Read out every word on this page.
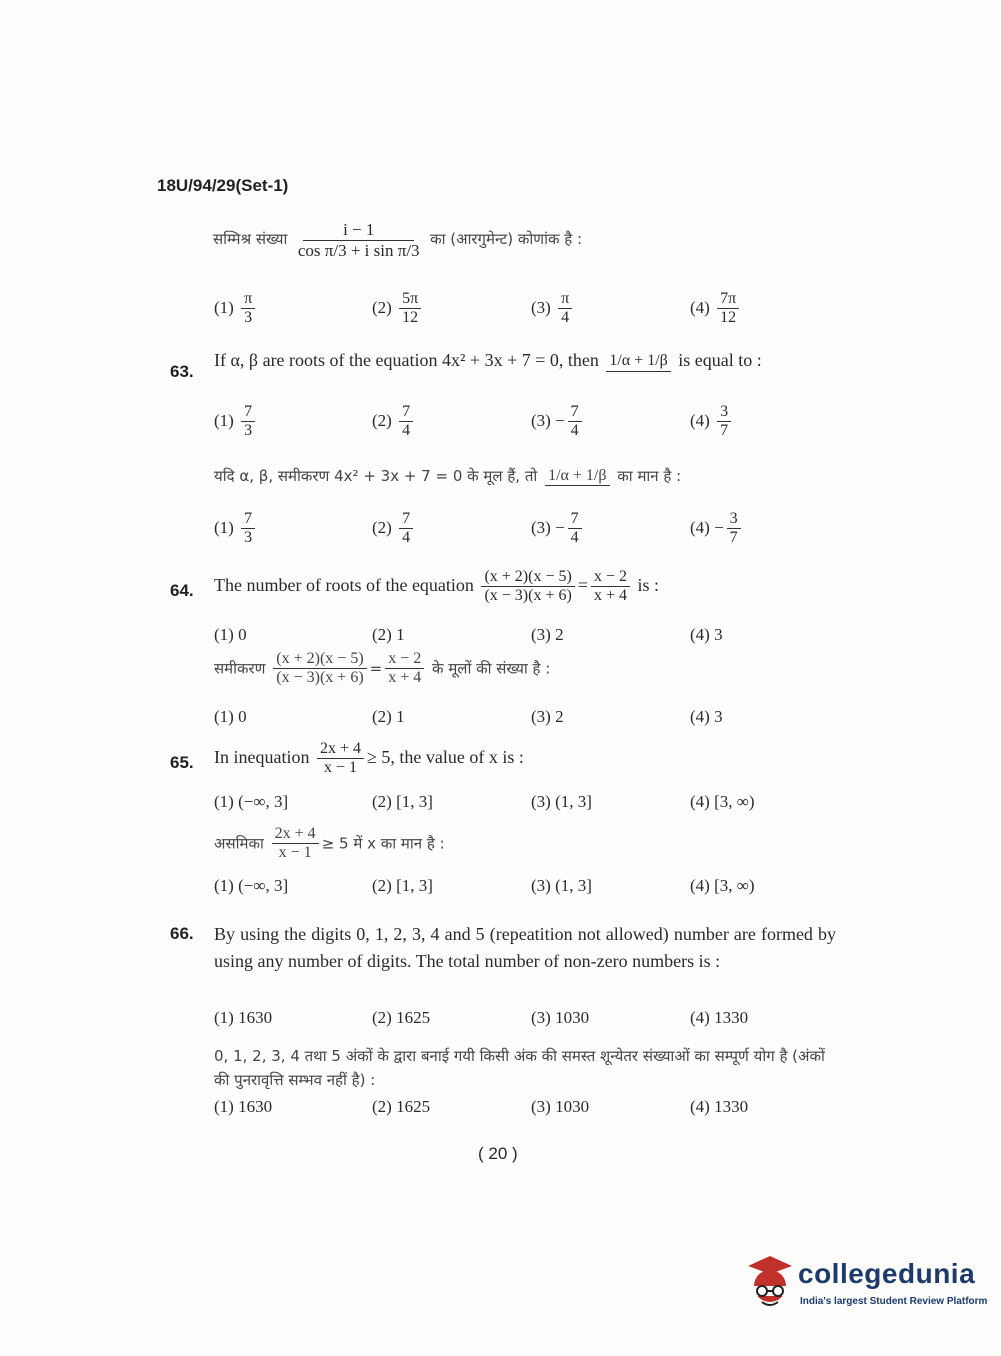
18U/94/29(Set-1)
सम्मिश्र संख्या $\frac{i - 1}{\text{cos π/3 + i sin π/3}}$ का (आरगुमेन्ट) कोणांक है :
$(1) \frac{\pi}{3}$	$(2) \frac{5\pi}{12}$	$(3) \frac{\pi}{4}$	$(4) \frac{7\pi}{12}$
63.
If α, β are roots of the equation 4x² + 3x + 7 = 0, then 1/α + 1/β is equal to :
$(1) \frac{7}{3}$	$(2) \frac{7}{4}$	$(3) - \frac{7}{4}$	$(4) \frac{3}{7}$
यदि α, β, समीकरण 4x² + 3x + 7 = 0 के मूल हैं, तो 1/α + 1/β का मान है :
$(1) \frac{7}{3}$	$(2) \frac{7}{4}$	$(3) - \frac{7}{4}$	$(4) - \frac{3}{7}$
64. The number of roots of the equation $\frac{(x + 2)(x - 5)}{(x - 3)(x + 6)} = \frac{x - 2}{x + 4}$ is :
(1) 0	(2) 1	(3) 2	(4) 3
समीकरण $\frac{(x + 2)(x - 5)}{(x - 3)(x + 6)} = \frac{x - 2}{x + 4}$ के मूलों की संख्या है :
(1) 0	(2) 1	(3) 2	(4) 3
65. In inequation $\frac{2x + 4}{x - 1} \ge 5$, the value of x is :
(1) (−∞, 3]	(2) [1, 3]	(3) (1, 3]	(4) [3, ∞)
असमिका $\frac{2x + 4}{x - 1} \ge 5$ में x का मान है :
(1) (−∞, 3]	(2) [1, 3]	(3) (1, 3]	(4) [3, ∞)
66. By using the digits 0, 1, 2, 3, 4 and 5 (repeatition not allowed) number are formed by using any number of digits. The total number of non-zero numbers is :
(1) 1630	(2) 1625	(3) 1030	(4) 1330
0, 1, 2, 3, 4 तथा 5 अंकों के द्वारा बनाई गयी किसी अंक की समस्त शून्येतर संख्याओं का सम्पूर्ण योग है (अंकों की पुनरावृत्ति सम्भव नहीं है) :
(1) 1630	(2) 1625	(3) 1030	(4) 1330
( 20 )
collegedunia
India's largest Student Review Platform
